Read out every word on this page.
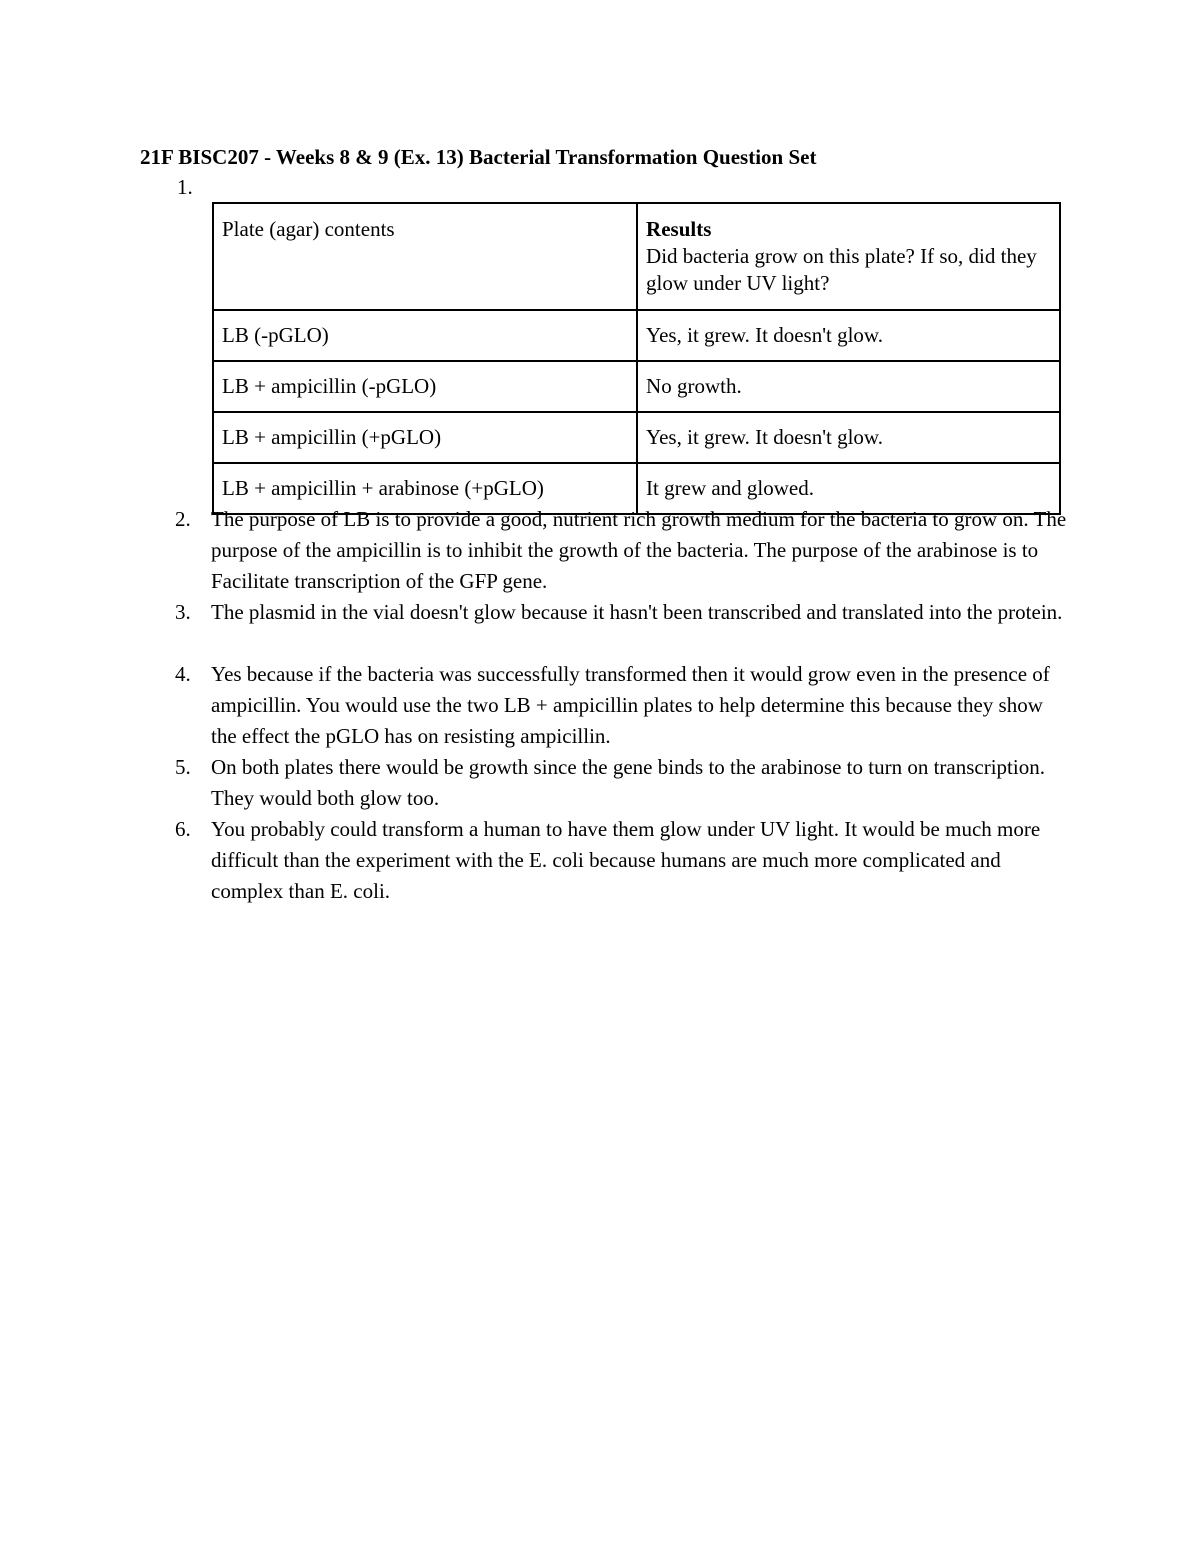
21F BISC207 - Weeks 8 & 9 (Ex. 13) Bacterial Transformation Question Set
1.
Plate (agar) contents	Results
Did bacteria grow on this plate? If so, did they glow under UV light?

LB (-pGLO)	Yes, it grew. It doesn't glow.
LB + ampicillin (-pGLO)	No growth.
LB + ampicillin (+pGLO)	Yes, it grew. It doesn't glow.
LB + ampicillin + arabinose (+pGLO)	It grew and glowed.
2. The purpose of LB is to provide a good, nutrient rich growth medium for the bacteria to grow on. The purpose of the ampicillin is to inhibit the growth of the bacteria. The purpose of the arabinose is to Facilitate transcription of the GFP gene.
3. The plasmid in the vial doesn't glow because it hasn't been transcribed and translated into the protein.
4. Yes because if the bacteria was successfully transformed then it would grow even in the presence of ampicillin. You would use the two LB + ampicillin plates to help determine this because they show the effect the pGLO has on resisting ampicillin.
5. On both plates there would be growth since the gene binds to the arabinose to turn on transcription. They would both glow too.
6. You probably could transform a human to have them glow under UV light. It would be much more difficult than the experiment with the E. coli because humans are much more complicated and complex than E. coli.
